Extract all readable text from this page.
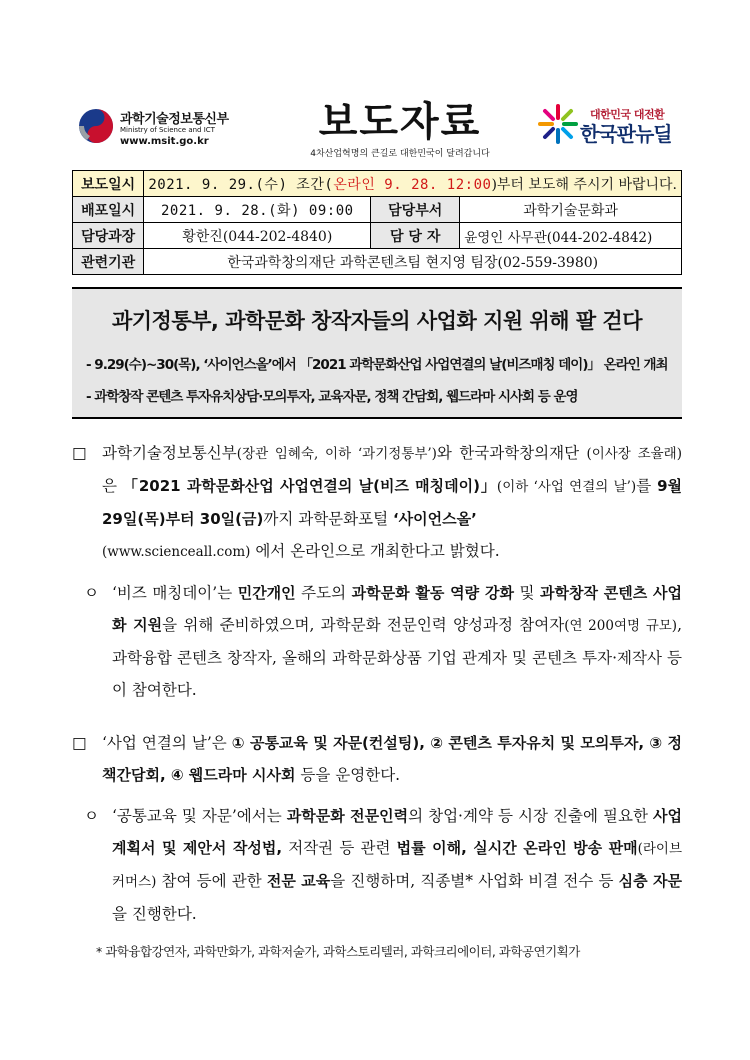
과학기술정보통신부
Ministry of Science and ICT
www.msit.go.kr	보도자료
4차산업혁명의 큰길로 대한민국이 달려갑니다
대한민국 대전환
한국판뉴딜
보도일시	2021. 9. 29.(수) 조간(온라인 9. 28. 12:00)부터 보도해 주시기 바랍니다.		
배포일시	2021. 9. 28.(화) 09:00	담당부서	과학기술문화과
담당과장	황한진(044-202-4840)	담 당 자	윤영인 사무관(044-202-4842)
관련기관	한국과학창의재단 과학콘텐츠팀 현지영 팀장(02-559-3980)		
과기정통부, 과학문화 창작자들의 사업화 지원 위해 팔 걷다
- 9.29(수)~30(목), ‘사이언스올’에서 「2021 과학문화산업 사업연결의 날(비즈매칭 데이)」 온라인 개최
- 과학창작 콘텐츠 투자유치상담·모의투자, 교육자문, 정책 간담회, 웹드라마 시사회 등 운영
□ 과학기술정보통신부(장관 임혜숙, 이하 ‘과기정통부’)와 한국과학창의재단 (이사장 조율래)은 「2021 과학문화산업 사업연결의 날(비즈 매칭데이)」(이하 ‘사업 연결의 날’)를 9월 29일(목)부터 30일(금)까지 과학문화포털 ‘사이언스올’
(www.scienceall.com) 에서 온라인으로 개최한다고 밝혔다.
ㅇ ‘비즈 매칭데이’는 민간개인 주도의 과학문화 활동 역량 강화 및 과학창작 콘텐츠 사업화 지원을 위해 준비하였으며, 과학문화 전문인력 양성과정 참여자(연 200여명 규모), 과학융합 콘텐츠 창작자, 올해의 과학문화상품 기업 관계자 및 콘텐츠 투자·제작사 등이 참여한다.
□ ‘사업 연결의 날’은 ① 공통교육 및 자문(컨설팅), ② 콘텐츠 투자유치 및 모의투자, ③ 정책간담회, ④ 웹드라마 시사회 등을 운영한다.
ㅇ ‘공통교육 및 자문’에서는 과학문화 전문인력의 창업·계약 등 시장 진출에 필요한 사업계획서 및 제안서 작성법, 저작권 등 관련 법률 이해, 실시간 온라인 방송 판매(라이브 커머스) 참여 등에 관한 전문 교육을 진행하며, 직종별* 사업화 비결 전수 등 심층 자문을 진행한다.
* 과학융합강연자, 과학만화가, 과학저술가, 과학스토리텔러, 과학크리에이터, 과학공연기획가
